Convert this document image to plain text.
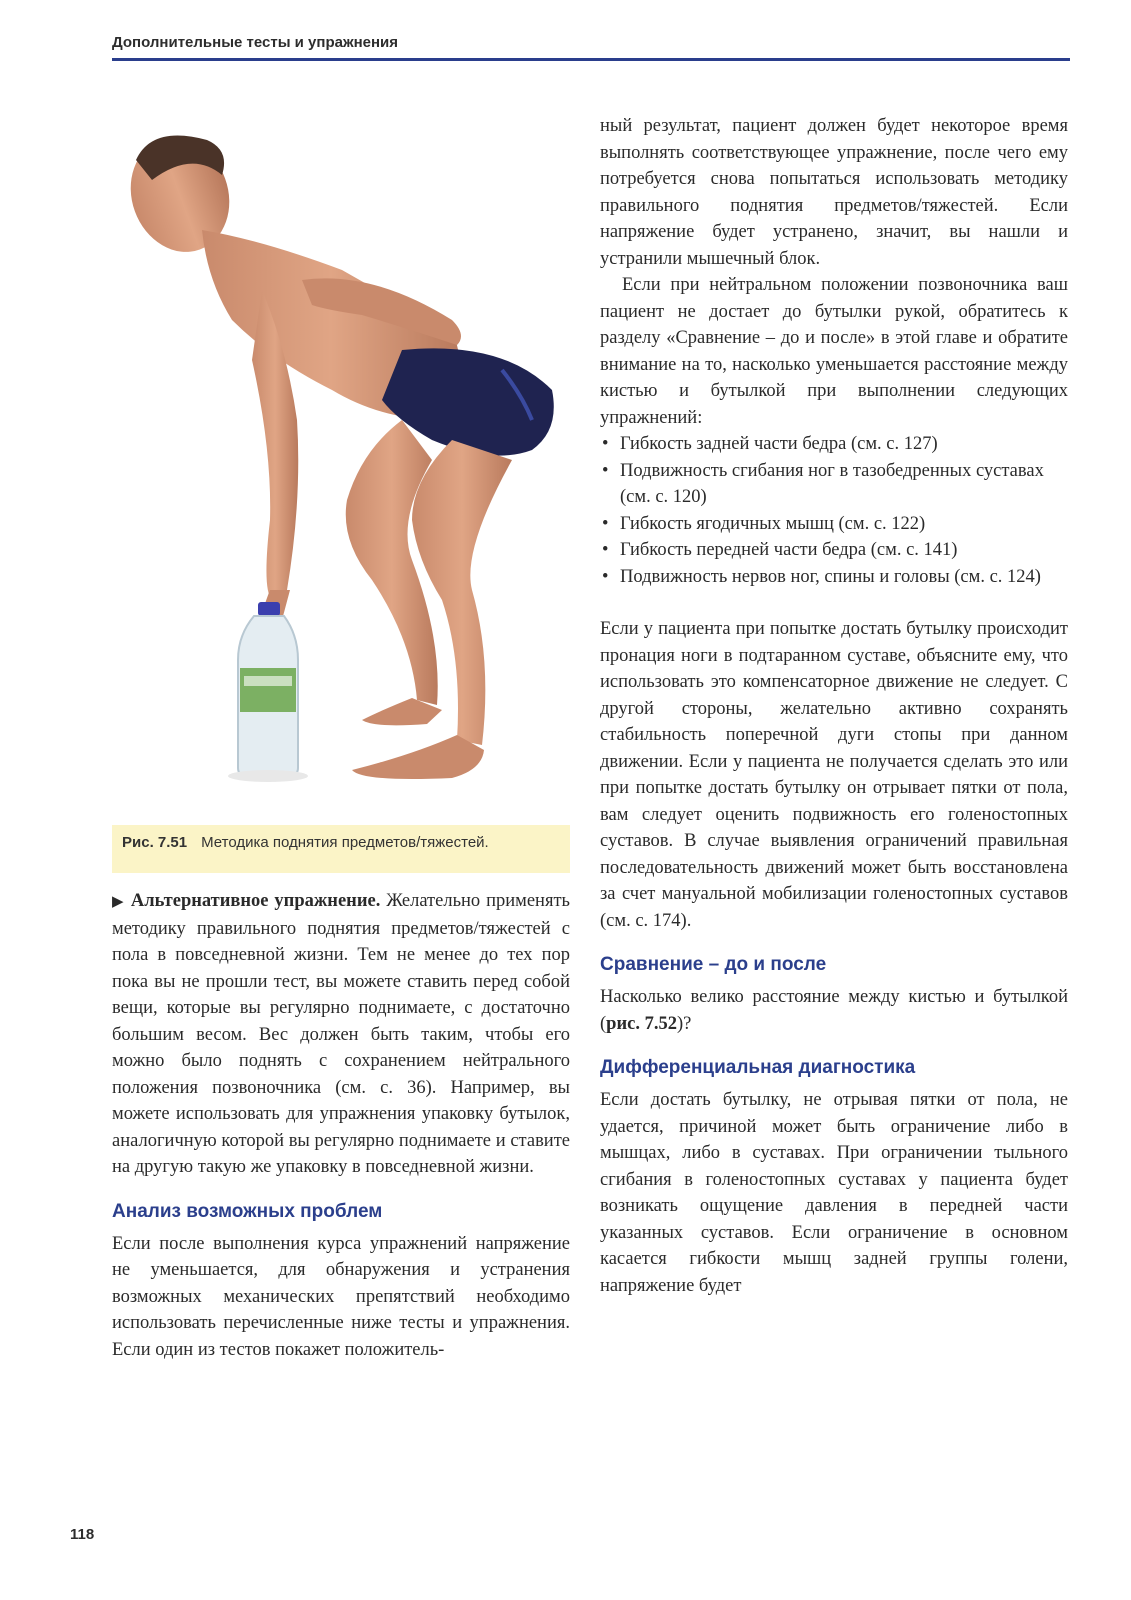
Дополнительные тесты и упражнения
Рис. 7.51 Методика поднятия предметов/тяжестей.

▶ Альтернативное упражнение. Желательно применять методику правильного поднятия предметов/тяжестей с пола в повседневной жизни. Тем не менее до тех пор пока вы не прошли тест, вы можете ставить перед собой вещи, которые вы регулярно поднимаете, с достаточно большим весом. Вес должен быть таким, чтобы его можно было поднять с сохранением нейтрального положения позвоночника (см. с. 36). Например, вы можете использовать для упражнения упаковку бутылок, аналогичную которой вы регулярно поднимаете и ставите на другую такую же упаковку в повседневной жизни.

Анализ возможных проблем

Если после выполнения курса упражнений напряжение не уменьшается, для обнаружения и устранения возможных механических препятствий необходимо использовать перечисленные ниже тесты и упражнения. Если один из тестов покажет положитель-

ный результат, пациент должен будет некоторое время выполнять соответствующее упражнение, после чего ему потребуется снова попытаться использовать методику правильного поднятия предметов/тяжестей. Если напряжение будет устранено, значит, вы нашли и устранили мышечный блок.

Если при нейтральном положении позвоночника ваш пациент не достает до бутылки рукой, обратитесь к разделу «Сравнение – до и после» в этой главе и обратите внимание на то, насколько уменьшается расстояние между кистью и бутылкой при выполнении следующих упражнений:

• Гибкость задней части бедра (см. с. 127)
• Подвижность сгибания ног в тазобедренных суставах (см. с. 120)
• Гибкость ягодичных мышц (см. с. 122)
• Гибкость передней части бедра (см. с. 141)
• Подвижность нервов ног, спины и головы (см. с. 124)

Если у пациента при попытке достать бутылку происходит пронация ноги в подтаранном суставе, объясните ему, что использовать это компенсаторное движение не следует. С другой стороны, желательно активно сохранять стабильность поперечной дуги стопы при данном движении. Если у пациента не получается сделать это или при попытке достать бутылку он отрывает пятки от пола, вам следует оценить подвижность его голеностопных суставов. В случае выявления ограничений правильная последовательность движений может быть восстановлена за счет мануальной мобилизации голеностопных суставов (см. с. 174).

Сравнение – до и после

Насколько велико расстояние между кистью и бутылкой (рис. 7.52)?

Дифференциальная диагностика

Если достать бутылку, не отрывая пятки от пола, не удается, причиной может быть ограничение либо в мышцах, либо в суставах. При ограничении тыльного сгибания в голеностопных суставах у пациента будет возникать ощущение давления в передней части указанных суставов. Если ограничение в основном касается гибкости мышц задней группы голени, напряжение будет

118
